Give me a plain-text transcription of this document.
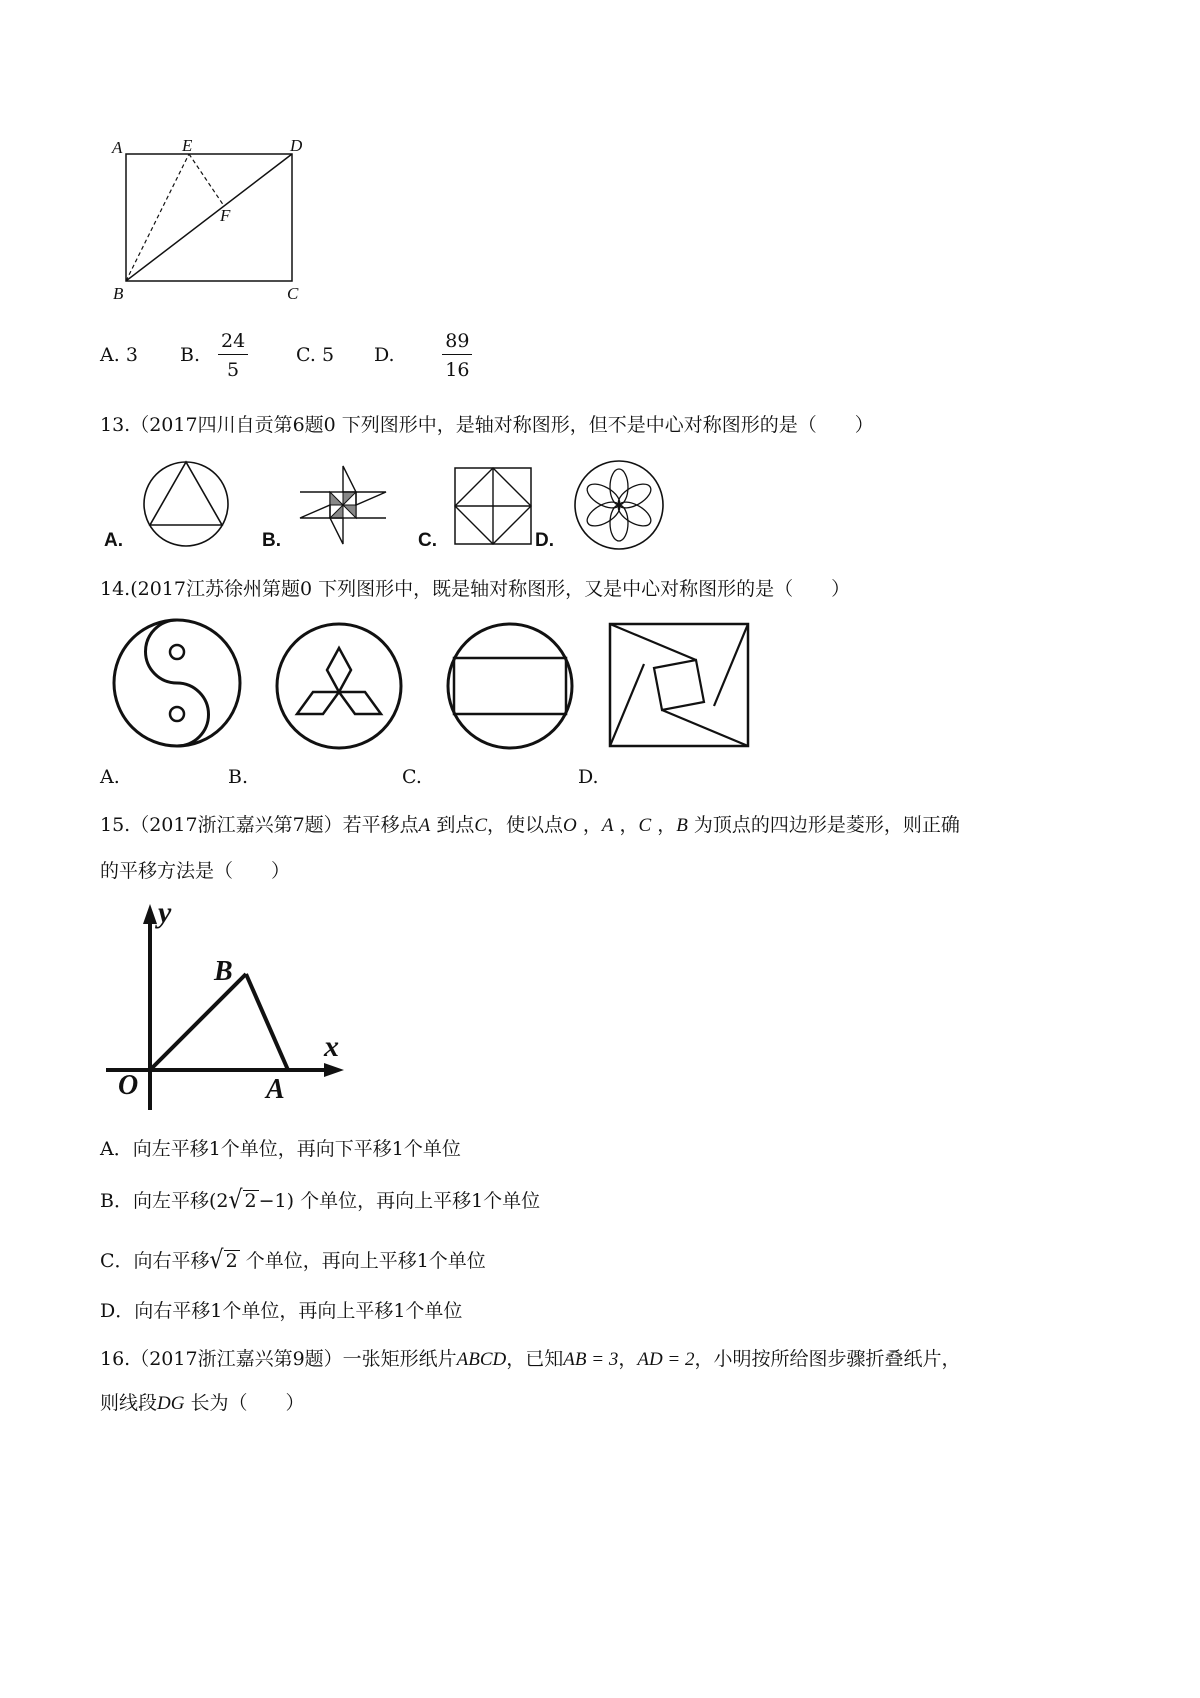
A	E	D
F
B	C
A. 3 B. $\frac{24}{5}$
	C. 5 D.	$\frac{89}{16}$
13.（2017四川自贡第6题0 下列图形中，是轴对称图形，但不是中心对称图形的是（　　）
A.	B.	C.	D.
14.(2017江苏徐州第题0 下列图形中，既是轴对称图形，又是中心对称图形的是（　　）
A.	B.	C.	D.
15.（2017浙江嘉兴第7题）若平移点A 到点C，使以点O ，A ，C ，B 为顶点的四边形是菱形，则正确
的平移方法是（　　）
y
x
B
O	A
A．向左平移1个单位，再向下平移1个单位
B．向左平移(2√ 2 −1) 个单位，再向上平移1个单位
C．向右平移√ 2 个单位，再向上平移1个单位
D．向右平移1个单位，再向上平移1个单位
16.（2017浙江嘉兴第9题）一张矩形纸片ABCD，已知AB = 3，AD = 2，小明按所给图步骤折叠纸片，
则线段DG 长为（　　）
